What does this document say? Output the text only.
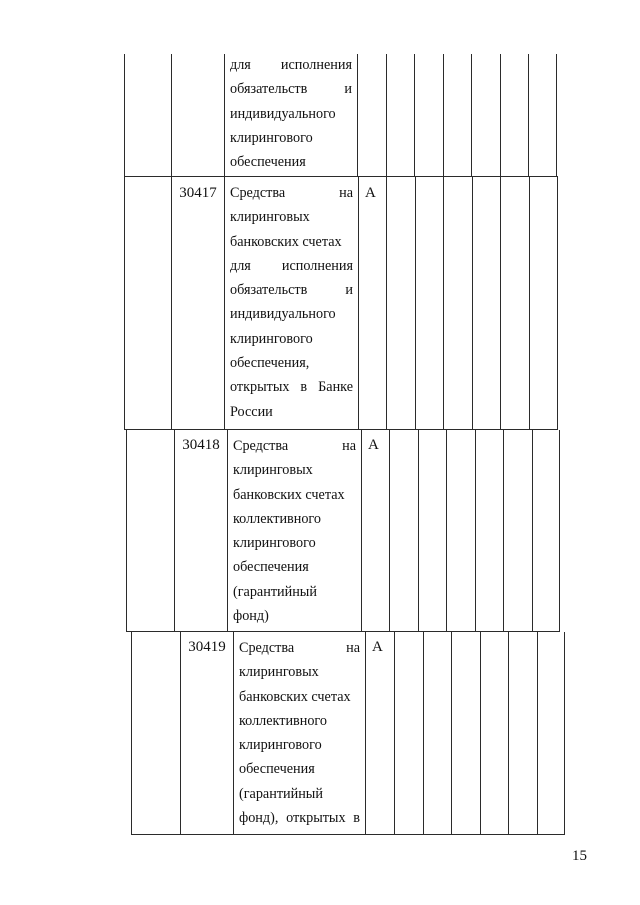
для исполнения
обязательств и
индивидуального
клирингового
обеспечения
30417 Средства на
клиринговых
банковских счетах
для исполнения
обязательств и
индивидуального
клирингового
обеспечения,
открытых в Банке
России
А
30418 Средства на
клиринговых
банковских счетах
коллективного
клирингового
обеспечения
(гарантийный
фонд)
А
30419 Средства на
клиринговых
банковских счетах
коллективного
клирингового
обеспечения
(гарантийный
фонд), открытых в
А
15
